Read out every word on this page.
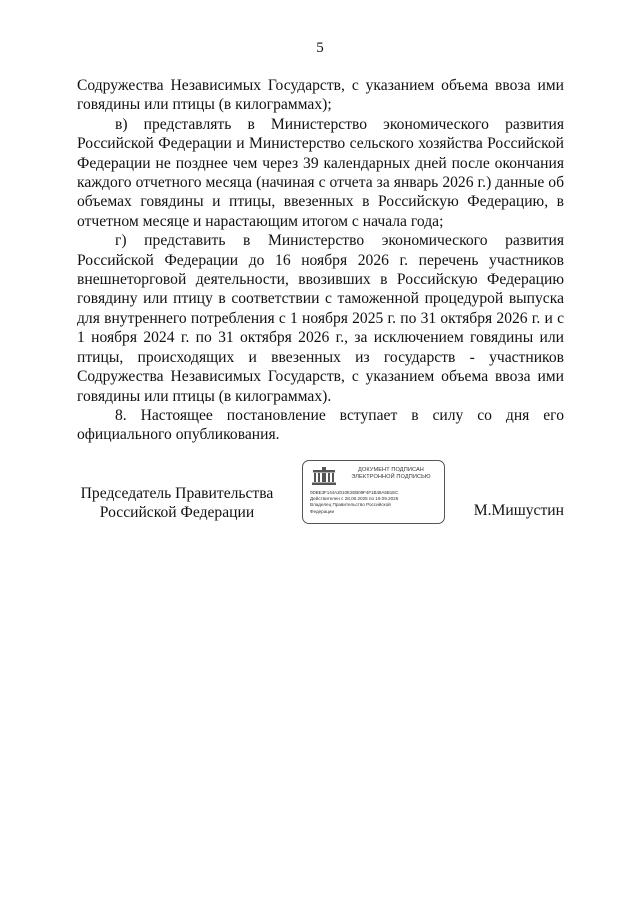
5

Содружества Независимых Государств, с указанием объема ввоза ими говядины или птицы (в килограммах);

в) представлять в Министерство экономического развития Российской Федерации и Министерство сельского хозяйства Российской Федерации не позднее чем через 39 календарных дней после окончания каждого отчетного месяца (начиная с отчета за январь 2026 г.) данные об объемах говядины и птицы, ввезенных в Российскую Федерацию, в отчетном месяце и нарастающим итогом с начала года;

г) представить в Министерство экономического развития Российской Федерации до 16 ноября 2026 г. перечень участников внешнеторговой деятельности, ввозивших в Российскую Федерацию говядину или птицу в соответствии с таможенной процедурой выпуска для внутреннего потребления с 1 ноября 2025 г. по 31 октября 2026 г. и с 1 ноября 2024 г. по 31 октября 2026 г., за исключением говядины или птицы, происходящих и ввезенных из государств - участников Содружества Независимых Государств, с указанием объема ввоза ими говядины или птицы (в килограммах).

8. Настоящее постановление вступает в силу со дня его официального опубликования.

Председатель Правительства
Российской Федерации
ДОКУМЕНТ ПОДПИСАН
ЭЛЕКТРОННОЙ ПОДПИСЬЮ
0DBE3F144A2010E2EB09F4F1B48A5B1EC
Действителен с 28.06.2025 по 19.09.2026
Владелец Правительство Российской
Федерации	М.Мишустин
